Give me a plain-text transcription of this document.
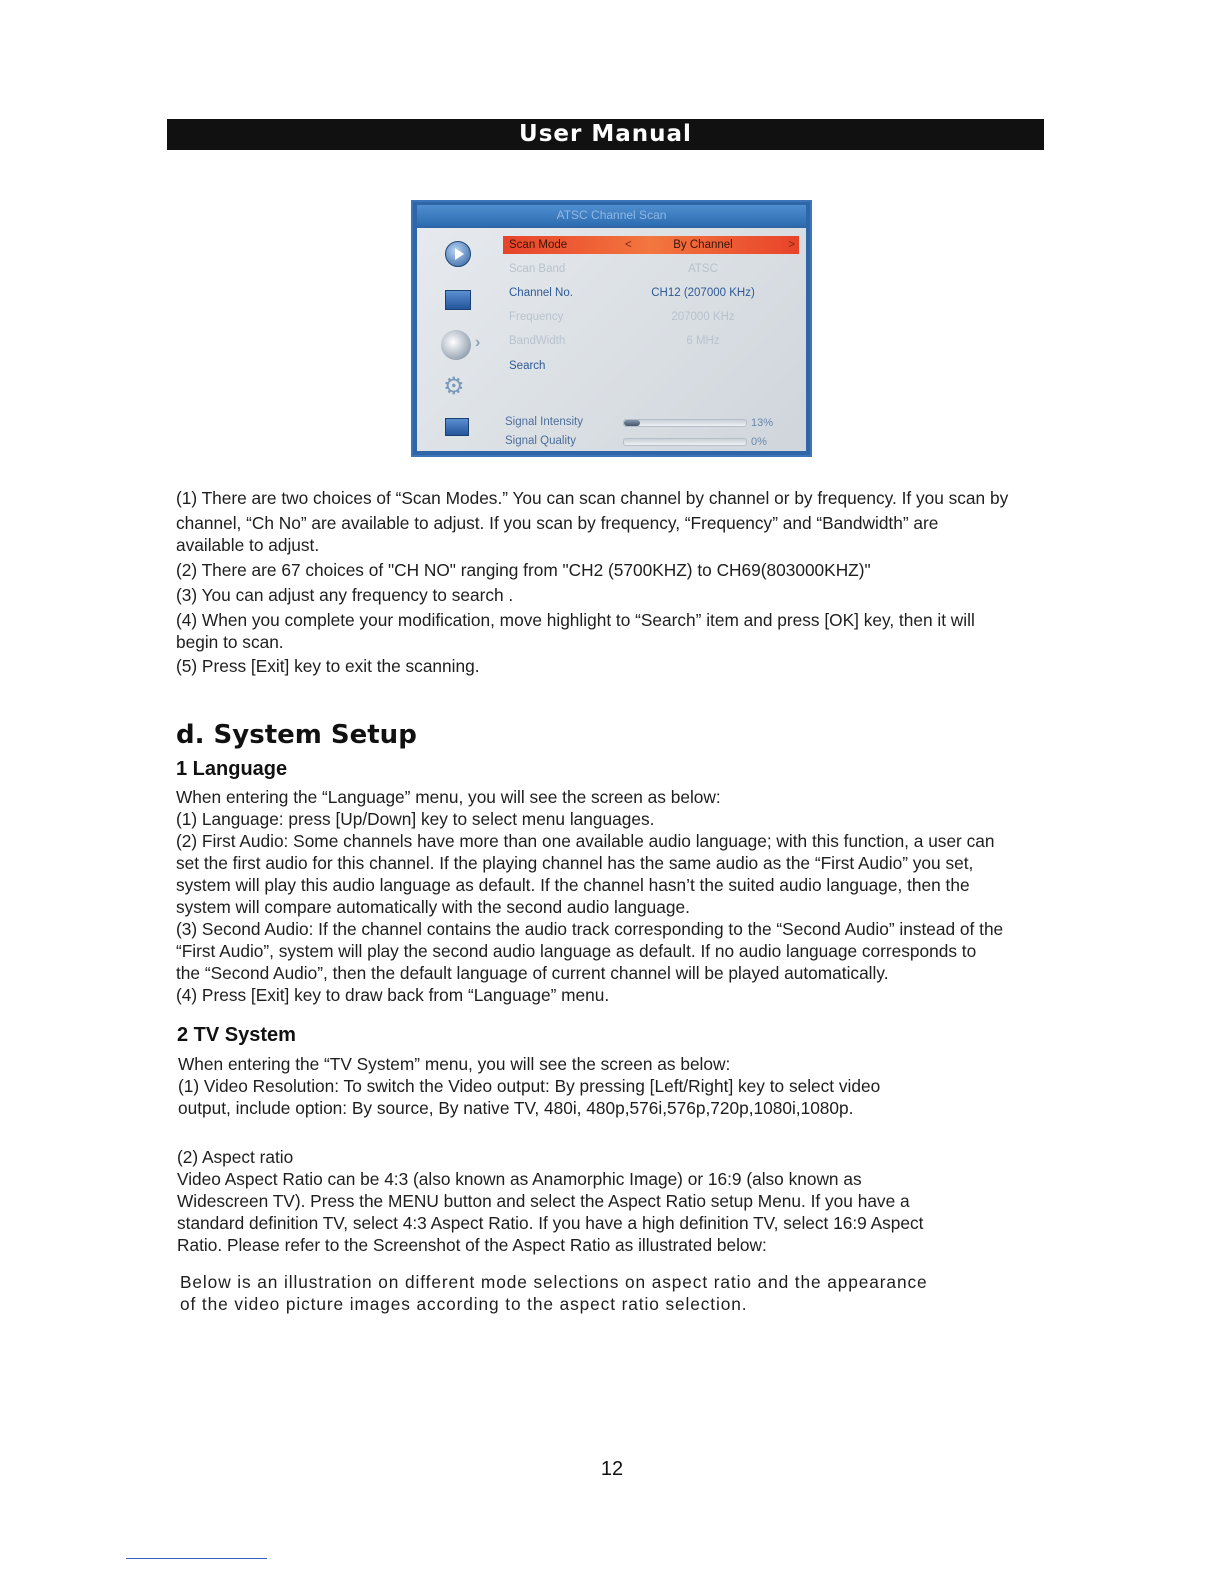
User Manual
ATSC Channel Scan
›
⚙
Scan Mode	<	By Channel	>
Scan Band	ATSC
Channel No.	CH12 (207000 KHz)
Frequency	207000 KHz
BandWidth	6 MHz
Search
Signal Intensity	13%
Signal Quality	0%
(1) There are two choices of “Scan Modes.” You can scan channel by channel or by frequency. If you scan by
channel, “Ch No” are available to adjust. If you scan by frequency, “Frequency” and “Bandwidth” are
available to adjust.
(2) There are 67 choices of "CH NO" ranging from "CH2 (5700KHZ) to CH69(803000KHZ)"
(3) You can adjust any frequency to search .
(4) When you complete your modification, move highlight to “Search” item and press [OK] key, then it will
begin to scan.
(5) Press [Exit] key to exit the scanning.
d. System Setup
1 Language
When entering the “Language” menu, you will see the screen as below:
(1) Language: press [Up/Down] key to select menu languages.
(2) First Audio: Some channels have more than one available audio language; with this function, a user can
set the first audio for this channel. If the playing channel has the same audio as the “First Audio” you set,
system will play this audio language as default. If the channel hasn’t the suited audio language, then the
system will compare automatically with the second audio language.
(3) Second Audio: If the channel contains the audio track corresponding to the “Second Audio” instead of the
“First Audio”, system will play the second audio language as default. If no audio language corresponds to
the “Second Audio”, then the default language of current channel will be played automatically.
(4) Press [Exit] key to draw back from “Language” menu.
2 TV System
When entering the “TV System” menu, you will see the screen as below:
(1) Video Resolution: To switch the Video output: By pressing [Left/Right] key to select video
output, include option: By source, By native TV, 480i, 480p,576i,576p,720p,1080i,1080p.
(2) Aspect ratio
Video Aspect Ratio can be 4:3 (also known as Anamorphic Image) or 16:9 (also known as
Widescreen TV). Press the MENU button and select the Aspect Ratio setup Menu. If you have a
standard definition TV, select 4:3 Aspect Ratio. If you have a high definition TV, select 16:9 Aspect
Ratio. Please refer to the Screenshot of the Aspect Ratio as illustrated below:
Below is an illustration on different mode selections on aspect ratio and the appearance
of the video picture images according to the aspect ratio selection.
12
